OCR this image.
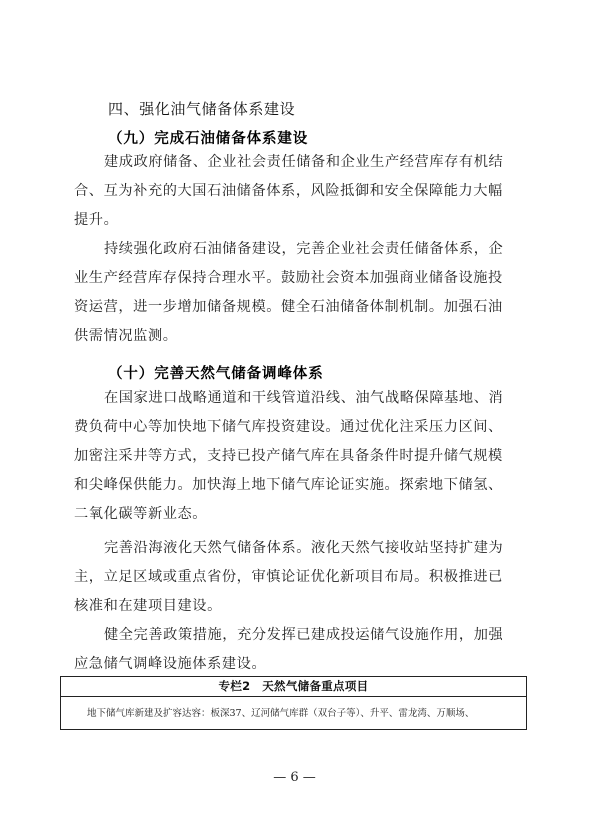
四、强化油气储备体系建设
（九）完成石油储备体系建设
建成政府储备、企业社会责任储备和企业生产经营库存有机结
合、互为补充的大国石油储备体系，风险抵御和安全保障能力大幅
提升。
持续强化政府石油储备建设，完善企业社会责任储备体系，企
业生产经营库存保持合理水平。鼓励社会资本加强商业储备设施投
资运营，进一步增加储备规模。健全石油储备体制机制。加强石油
供需情况监测。
（十）完善天然气储备调峰体系
在国家进口战略通道和干线管道沿线、油气战略保障基地、消
费负荷中心等加快地下储气库投资建设。通过优化注采压力区间、
加密注采井等方式，支持已投产储气库在具备条件时提升储气规模
和尖峰保供能力。加快海上地下储气库论证实施。探索地下储氢、
二氧化碳等新业态。
完善沿海液化天然气储备体系。液化天然气接收站坚持扩建为
主，立足区域或重点省份，审慎论证优化新项目布局。积极推进已
核准和在建项目建设。
健全完善政策措施，充分发挥已建成投运储气设施作用，加强
应急储气调峰设施体系建设。
专栏2　天然气储备重点项目
地下储气库新建及扩容达容：板深37、辽河储气库群（双台子等）、升平、雷龙湾、万顺场、
— 6 —
